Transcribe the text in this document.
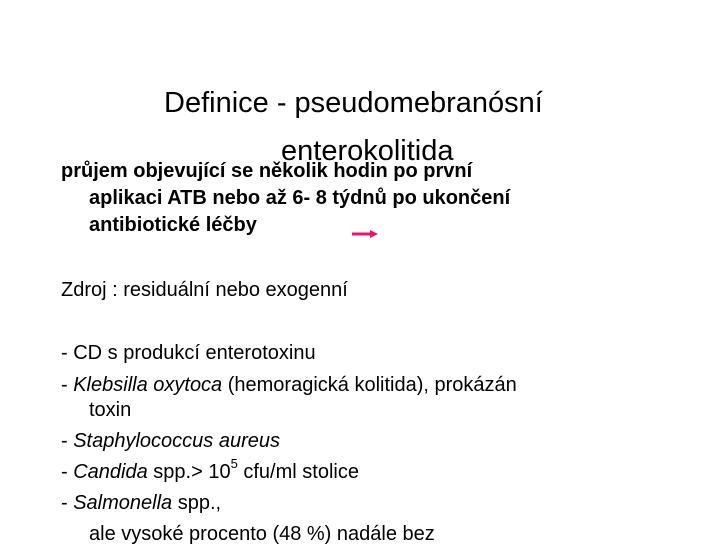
Definice - pseudomebranósní
enterokolitida
průjem objevující se několik hodin po první
aplikaci ATB nebo až 6- 8 týdnů po ukončení
antibiotické léčby
Zdroj : residuální nebo exogenní
- CD s produkcí enterotoxinu
- Klebsilla oxytoca (hemoragická kolitida), prokázán
toxin
- Staphylococcus aureus
- Candida $spp.> 10^5$ cfu/ml stolice
- Salmonella spp.,
ale vysoké procento (48 %) nadále bez
